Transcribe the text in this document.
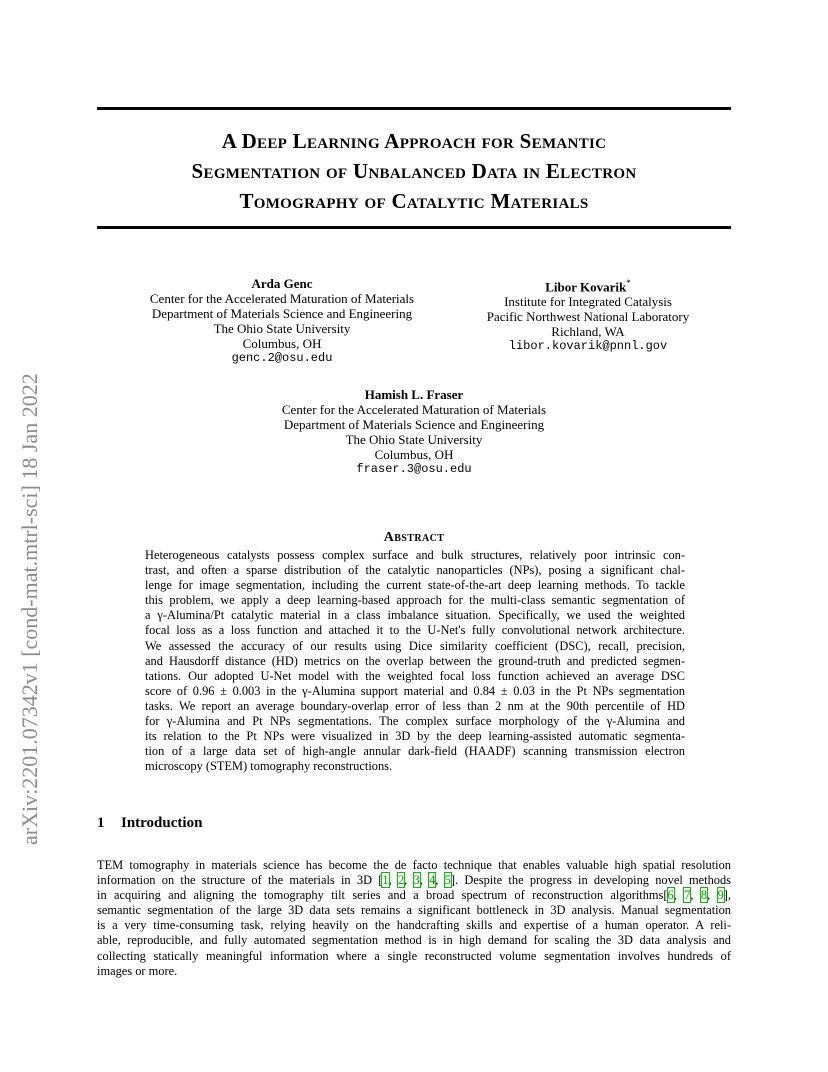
arXiv:2201.07342v1 [cond-mat.mtrl-sci] 18 Jan 2022
A Deep Learning Approach for Semantic
Segmentation of Unbalanced Data in Electron
Tomography of Catalytic Materials
Arda Genc
Center for the Accelerated Maturation of Materials
Department of Materials Science and Engineering
The Ohio State University
Columbus, OH
genc.2@osu.edu
Libor Kovarik*
Institute for Integrated Catalysis
Pacific Northwest National Laboratory
Richland, WA
libor.kovarik@pnnl.gov
Hamish L. Fraser
Center for the Accelerated Maturation of Materials
Department of Materials Science and Engineering
The Ohio State University
Columbus, OH
fraser.3@osu.edu
Abstract
Heterogeneous catalysts possess complex surface and bulk structures, relatively poor intrinsic con-
trast, and often a sparse distribution of the catalytic nanoparticles (NPs), posing a significant chal-
lenge for image segmentation, including the current state-of-the-art deep learning methods. To tackle
this problem, we apply a deep learning-based approach for the multi-class semantic segmentation of
a γ-Alumina/Pt catalytic material in a class imbalance situation. Specifically, we used the weighted
focal loss as a loss function and attached it to the U-Net's fully convolutional network architecture.
We assessed the accuracy of our results using Dice similarity coefficient (DSC), recall, precision,
and Hausdorff distance (HD) metrics on the overlap between the ground-truth and predicted segmen-
tations. Our adopted U-Net model with the weighted focal loss function achieved an average DSC
score of 0.96 ± 0.003 in the γ-Alumina support material and 0.84 ± 0.03 in the Pt NPs segmentation
tasks. We report an average boundary-overlap error of less than 2 nm at the 90th percentile of HD
for γ-Alumina and Pt NPs segmentations. The complex surface morphology of the γ-Alumina and
its relation to the Pt NPs were visualized in 3D by the deep learning-assisted automatic segmenta-
tion of a large data set of high-angle annular dark-field (HAADF) scanning transmission electron
microscopy (STEM) tomography reconstructions.
1 Introduction
TEM tomography in materials science has become the de facto technique that enables valuable high spatial resolution
information on the structure of the materials in 3D [1, 2, 3, 4, 5]. Despite the progress in developing novel methods
in acquiring and aligning the tomography tilt series and a broad spectrum of reconstruction algorithms[6, 7, 8, 9],
semantic segmentation of the large 3D data sets remains a significant bottleneck in 3D analysis. Manual segmentation
is a very time-consuming task, relying heavily on the handcrafting skills and expertise of a human operator. A reli-
able, reproducible, and fully automated segmentation method is in high demand for scaling the 3D data analysis and
collecting statically meaningful information where a single reconstructed volume segmentation involves hundreds of
images or more.
